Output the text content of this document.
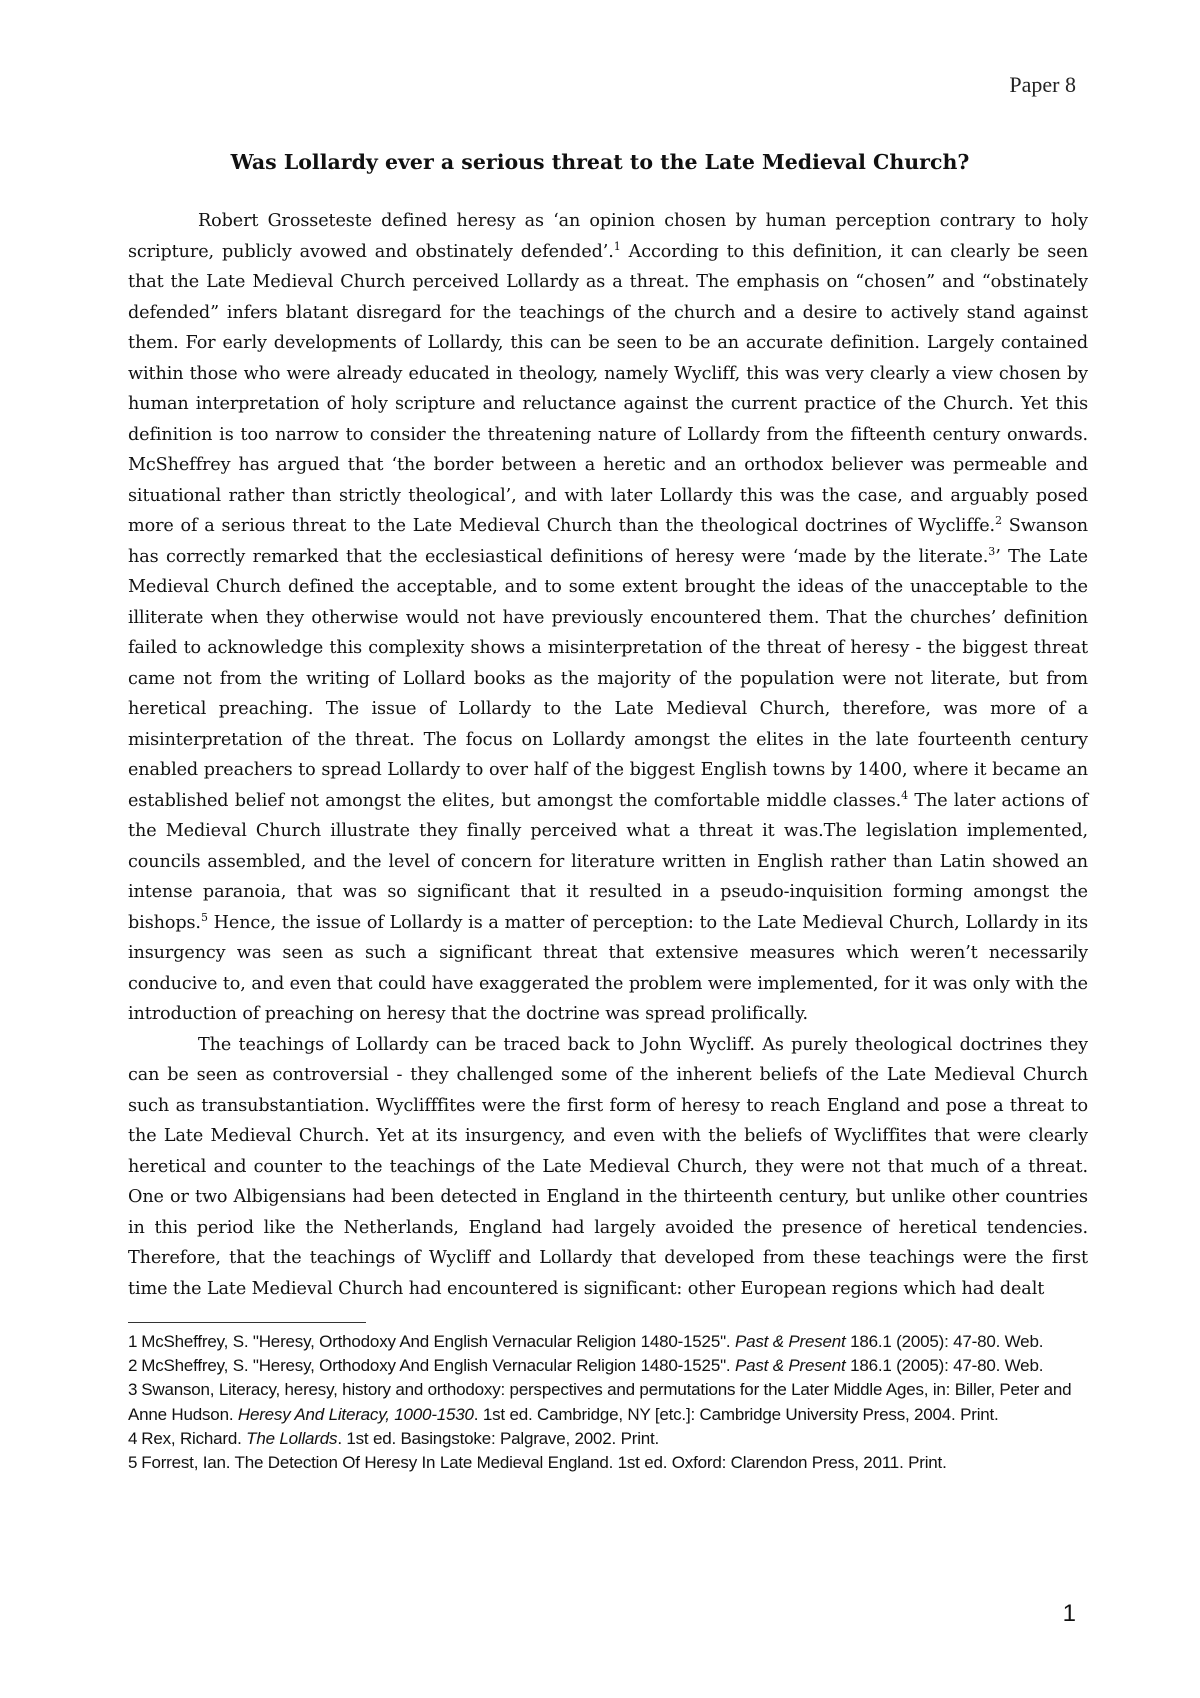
Paper 8
Was Lollardy ever a serious threat to the Late Medieval Church?

Robert Grosseteste defined heresy as ‘an opinion chosen by human perception contrary to holy scripture, publicly avowed and obstinately defended’.$^1$ According to this definition, it can clearly be seen that the Late Medieval Church perceived Lollardy as a threat. The emphasis on “chosen” and “obstinately defended” infers blatant disregard for the teachings of the church and a desire to actively stand against them. For early developments of Lollardy, this can be seen to be an accurate definition. Largely contained within those who were already educated in theology, namely Wycliff, this was very clearly a view chosen by human interpretation of holy scripture and reluctance against the current practice of the Church. Yet this definition is too narrow to consider the threatening nature of Lollardy from the fifteenth century onwards. McSheffrey has argued that ‘the border between a heretic and an orthodox believer was permeable and situational rather than strictly theological’, and with later Lollardy this was the case, and arguably posed more of a serious threat to the Late Medieval Church than the theological doctrines of Wycliffe.$^2$ Swanson has correctly remarked that the ecclesiastical definitions of heresy were ‘made by the literate.$^3$’ The Late Medieval Church defined the acceptable, and to some extent brought the ideas of the unacceptable to the illiterate when they otherwise would not have previously encountered them. That the churches’ definition failed to acknowledge this complexity shows a misinterpretation of the threat of heresy - the biggest threat came not from the writing of Lollard books as the majority of the population were not literate, but from heretical preaching. The issue of Lollardy to the Late Medieval Church, therefore, was more of a misinterpretation of the threat. The focus on Lollardy amongst the elites in the late fourteenth century enabled preachers to spread Lollardy to over half of the biggest English towns by 1400, where it became an established belief not amongst the elites, but amongst the comfortable middle classes.$^4$ The later actions of the Medieval Church illustrate they finally perceived what a threat it was.The legislation implemented, councils assembled, and the level of concern for literature written in English rather than Latin showed an intense paranoia, that was so significant that it resulted in a pseudo-inquisition forming amongst the bishops.$^5$ Hence, the issue of Lollardy is a matter of perception: to the Late Medieval Church, Lollardy in its insurgency was seen as such a significant threat that extensive measures which weren’t necessarily conducive to, and even that could have exaggerated the problem were implemented, for it was only with the introduction of preaching on heresy that the doctrine was spread prolifically.

The teachings of Lollardy can be traced back to John Wycliff. As purely theological doctrines they can be seen as controversial - they challenged some of the inherent beliefs of the Late Medieval Church such as transubstantiation. Wyclifffites were the first form of heresy to reach England and pose a threat to the Late Medieval Church. Yet at its insurgency, and even with the beliefs of Wycliffites that were clearly heretical and counter to the teachings of the Late Medieval Church, they were not that much of a threat. One or two Albigensians had been detected in England in the thirteenth century, but unlike other countries in this period like the Netherlands, England had largely avoided the presence of heretical tendencies. Therefore, that the teachings of Wycliff and Lollardy that developed from these teachings were the first time the Late Medieval Church had encountered is significant: other European regions which had dealt

1 McSheffrey, S. "Heresy, Orthodoxy And English Vernacular Religion 1480-1525". Past & Present 186.1 (2005): 47-80. Web.

2 McSheffrey, S. "Heresy, Orthodoxy And English Vernacular Religion 1480-1525". Past & Present 186.1 (2005): 47-80. Web.

3 Swanson, Literacy, heresy, history and orthodoxy: perspectives and permutations for the Later Middle Ages, in: Biller, Peter and Anne Hudson. Heresy And Literacy, 1000-1530. 1st ed. Cambridge, NY [etc.]: Cambridge University Press, 2004. Print.

4 Rex, Richard. The Lollards. 1st ed. Basingstoke: Palgrave, 2002. Print.

5 Forrest, Ian. The Detection Of Heresy In Late Medieval England. 1st ed. Oxford: Clarendon Press, 2011. Print.

1
